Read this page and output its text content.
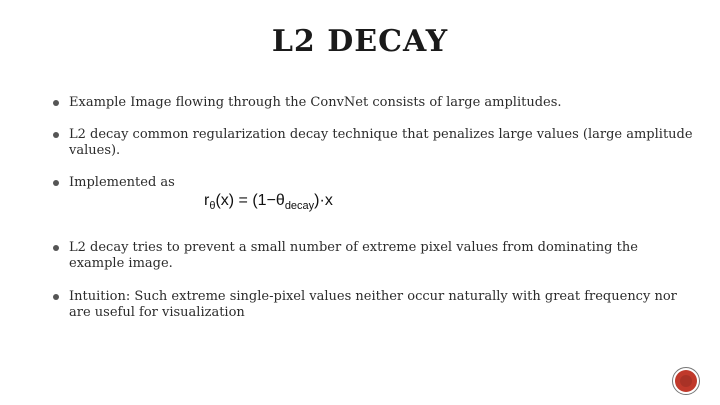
L2 DECAY
Example Image flowing through the ConvNet consists of large amplitudes.
L2 decay common regularization decay technique that penalizes large values (large amplitude values).
Implemented as
L2 decay tries to prevent a small number of extreme pixel values from dominating the example image.
Intuition: Such extreme single-pixel values neither occur naturally with great frequency nor are useful for visualization
$r_\theta(x) = (1-\theta_{decay})\cdot x$
